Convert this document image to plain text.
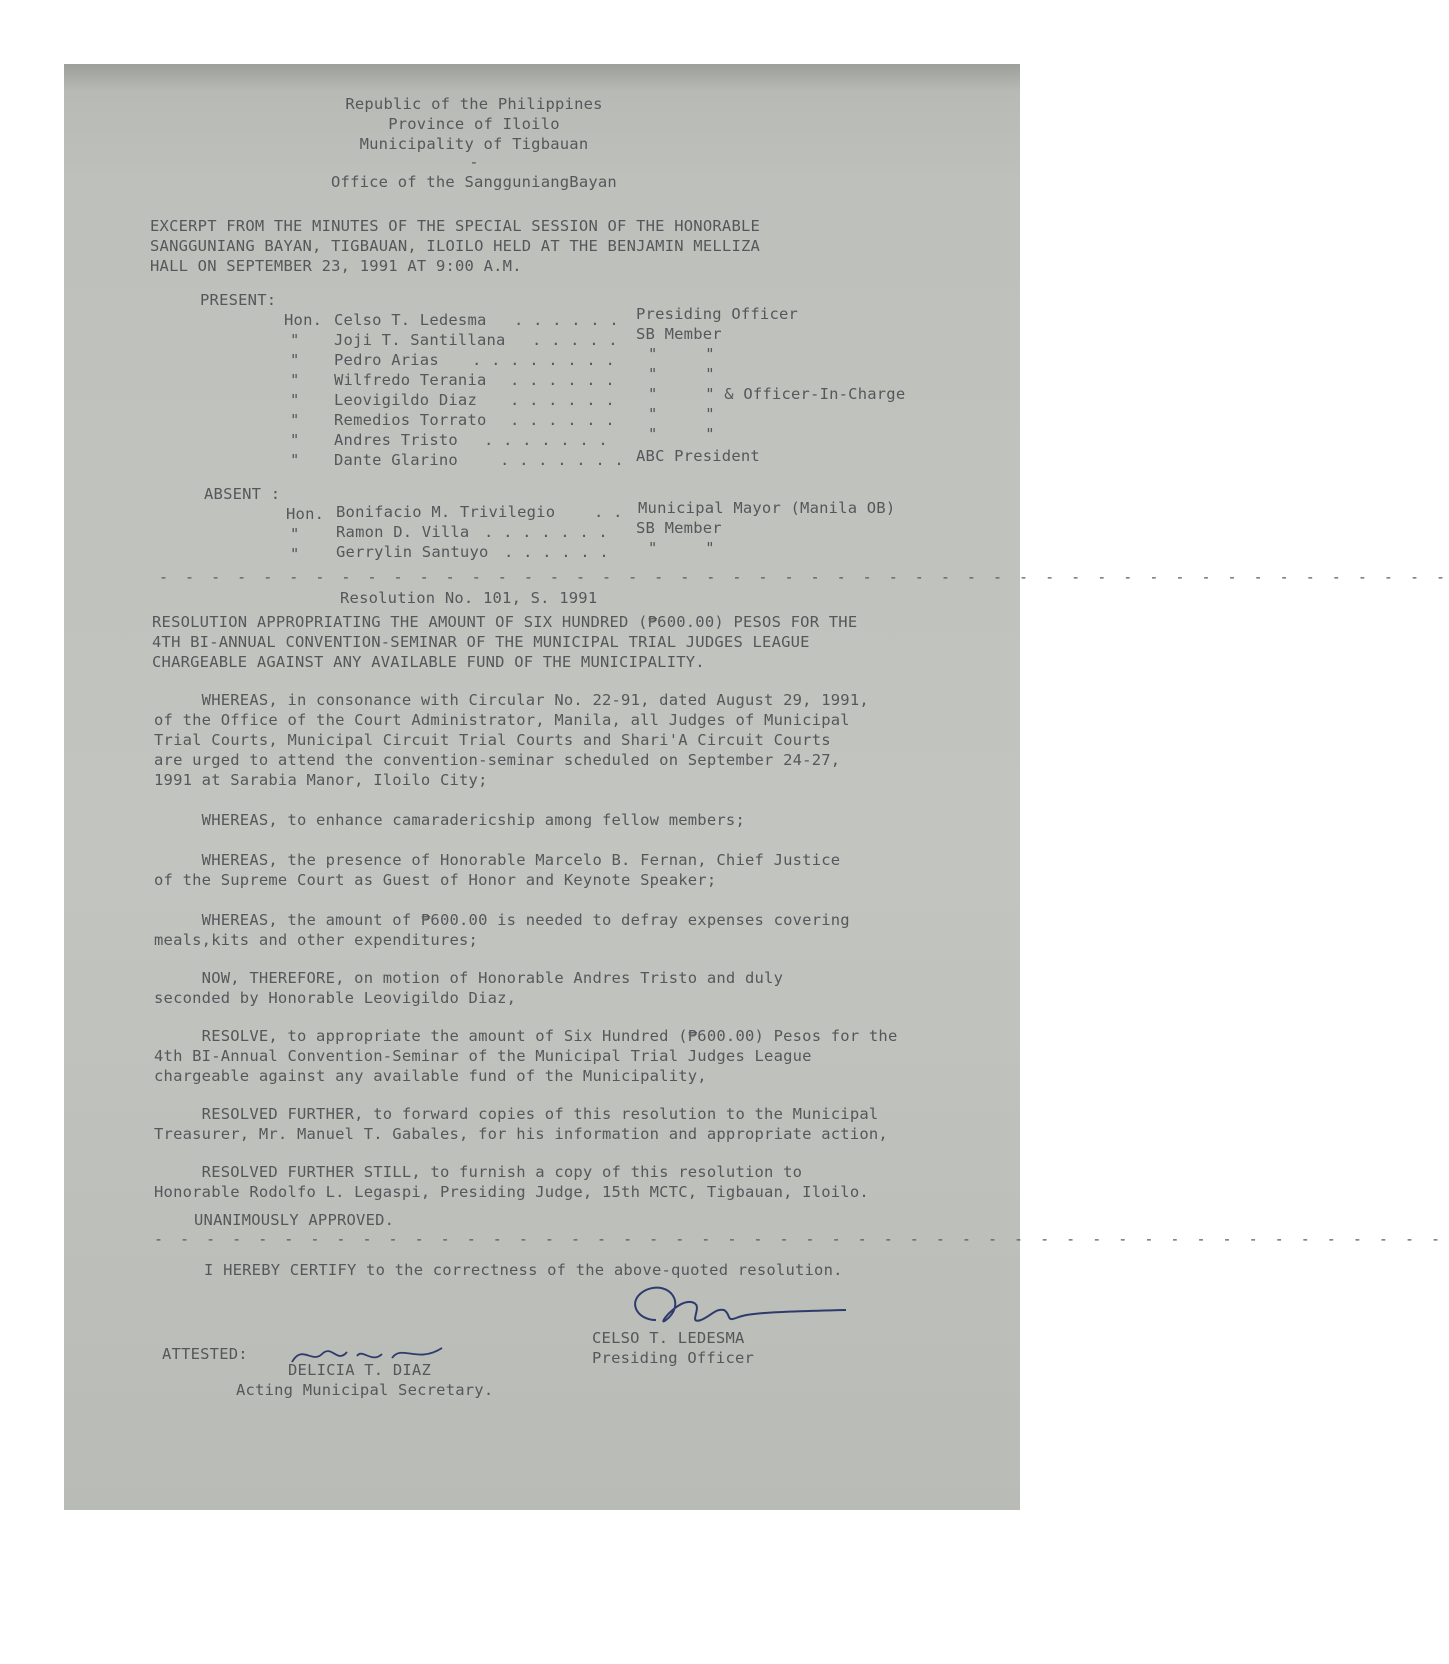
Republic of the Philippines
Province of Iloilo
Municipality of Tigbauan
-
Office of the SangguniangBayan
EXCERPT FROM THE MINUTES OF THE SPECIAL SESSION OF THE HONORABLE
SANGGUNIANG BAYAN, TIGBAUAN, ILOILO HELD AT THE BENJAMIN MELLIZA
HALL ON SEPTEMBER 23, 1991 AT 9:00 A.M.
PRESENT:
Hon. Celso T. Ledesma . . . . . . Presiding Officer
" Joji T. Santillana . . . . . SB Member
" Pedro Arias . . . . . . . . "     "
" Wilfredo Terania . . . . . . "     "
" Leovigildo Diaz . . . . . . "     " & Officer-In-Charge
" Remedios Torrato . . . . . . "     "
" Andres Tristo . . . . . . .	"     "
" Dante Glarino	. . . . . . . ABC President
ABSENT :
Hon. Bonifacio M. Trivilegio	. . Municipal Mayor (Manila OB)
" Ramon D. Villa . . . . . . . SB Member
" Gerrylin Santuyo . . . . . .	"     "
- - - - - - - - - - - - - - - - - - - - - - - - - - - - - - - - - - - - - - - - - - - - - - - - - -
Resolution No. 101, S. 1991
RESOLUTION APPROPRIATING THE AMOUNT OF SIX HUNDRED (₱600.00) PESOS FOR THE
4TH BI-ANNUAL CONVENTION-SEMINAR OF THE MUNICIPAL TRIAL JUDGES LEAGUE
CHARGEABLE AGAINST ANY AVAILABLE FUND OF THE MUNICIPALITY.
WHEREAS, in consonance with Circular No. 22-91, dated August 29, 1991,
of the Office of the Court Administrator, Manila, all Judges of Municipal
Trial Courts, Municipal Circuit Trial Courts and Shari'A Circuit Courts
are urged to attend the convention-seminar scheduled on September 24-27,
1991 at Sarabia Manor, Iloilo City;
WHEREAS, to enhance camaradericship among fellow members;
WHEREAS, the presence of Honorable Marcelo B. Fernan, Chief Justice
of the Supreme Court as Guest of Honor and Keynote Speaker;
WHEREAS, the amount of ₱600.00 is needed to defray expenses covering
meals,kits and other expenditures;
NOW, THEREFORE, on motion of Honorable Andres Tristo and duly
seconded by Honorable Leovigildo Diaz,
RESOLVE, to appropriate the amount of Six Hundred (₱600.00) Pesos for the
4th BI-Annual Convention-Seminar of the Municipal Trial Judges League
chargeable against any available fund of the Municipality,
RESOLVED FURTHER, to forward copies of this resolution to the Municipal
Treasurer, Mr. Manuel T. Gabales, for his information and appropriate action,
RESOLVED FURTHER STILL, to furnish a copy of this resolution to
Honorable Rodolfo L. Legaspi, Presiding Judge, 15th MCTC, Tigbauan, Iloilo.
UNANIMOUSLY APPROVED.
- - - - - - - - - - - - - - - - - - - - - - - - - - - - - - - - - - - - - - - - - - - - - - - - - -
I HEREBY CERTIFY to the correctness of the above-quoted resolution.
CELSO T. LEDESMA
Presiding Officer
ATTESTED:
DELICIA T. DIAZ
Acting Municipal Secretary.
